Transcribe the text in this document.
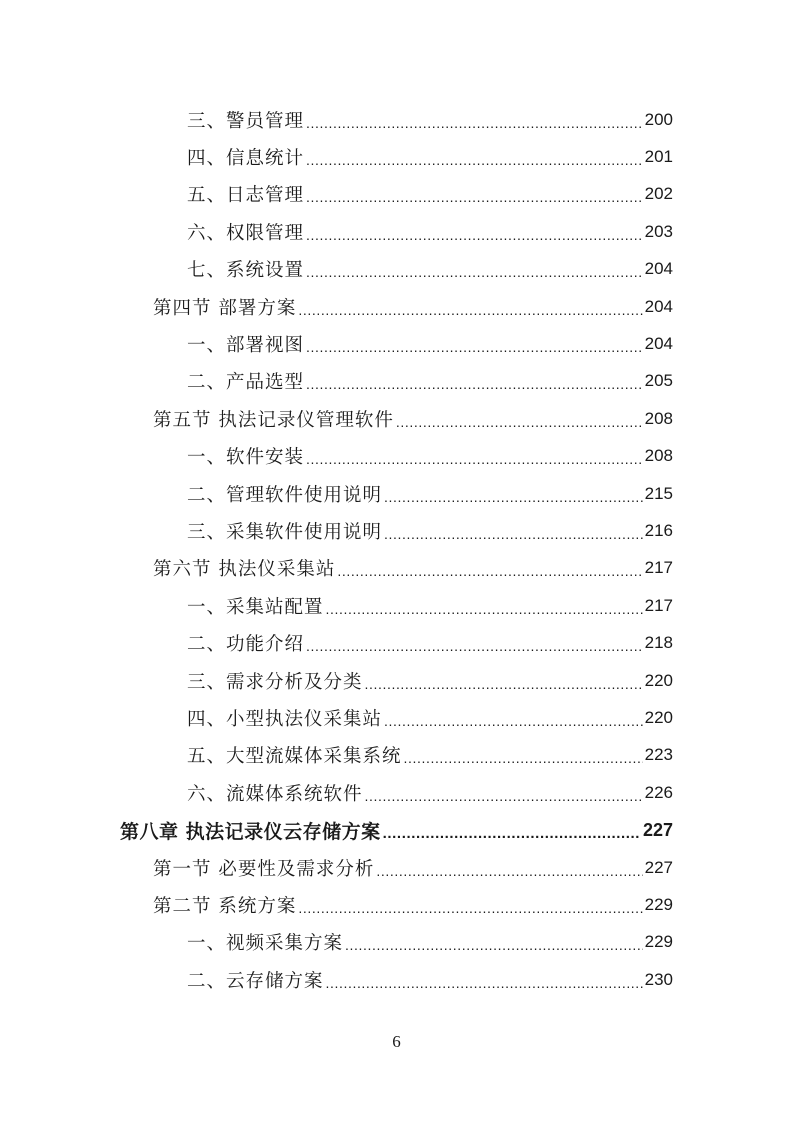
三、警员管理 .....	200
四、信息统计 .....	201
五、日志管理 .....	202
六、权限管理 .....	203
七、系统设置 .....	204
第四节 部署方案 .....	204
一、部署视图 .....	204
二、产品选型 .....	205
第五节 执法记录仪管理软件 .....	208
一、软件安装 .....	208
二、管理软件使用说明 .....	215
三、采集软件使用说明 .....	216
第六节 执法仪采集站 .....	217
一、采集站配置 .....	217
二、功能介绍 .....	218
三、需求分析及分类 .....	220
四、小型执法仪采集站 .....	220
五、大型流媒体采集系统 .....	223
六、流媒体系统软件 .....	226
第八章 执法记录仪云存储方案 .....	227
第一节 必要性及需求分析 .....	227
第二节 系统方案 .....	229
一、视频采集方案 .....	229
二、云存储方案 .....	230
6
